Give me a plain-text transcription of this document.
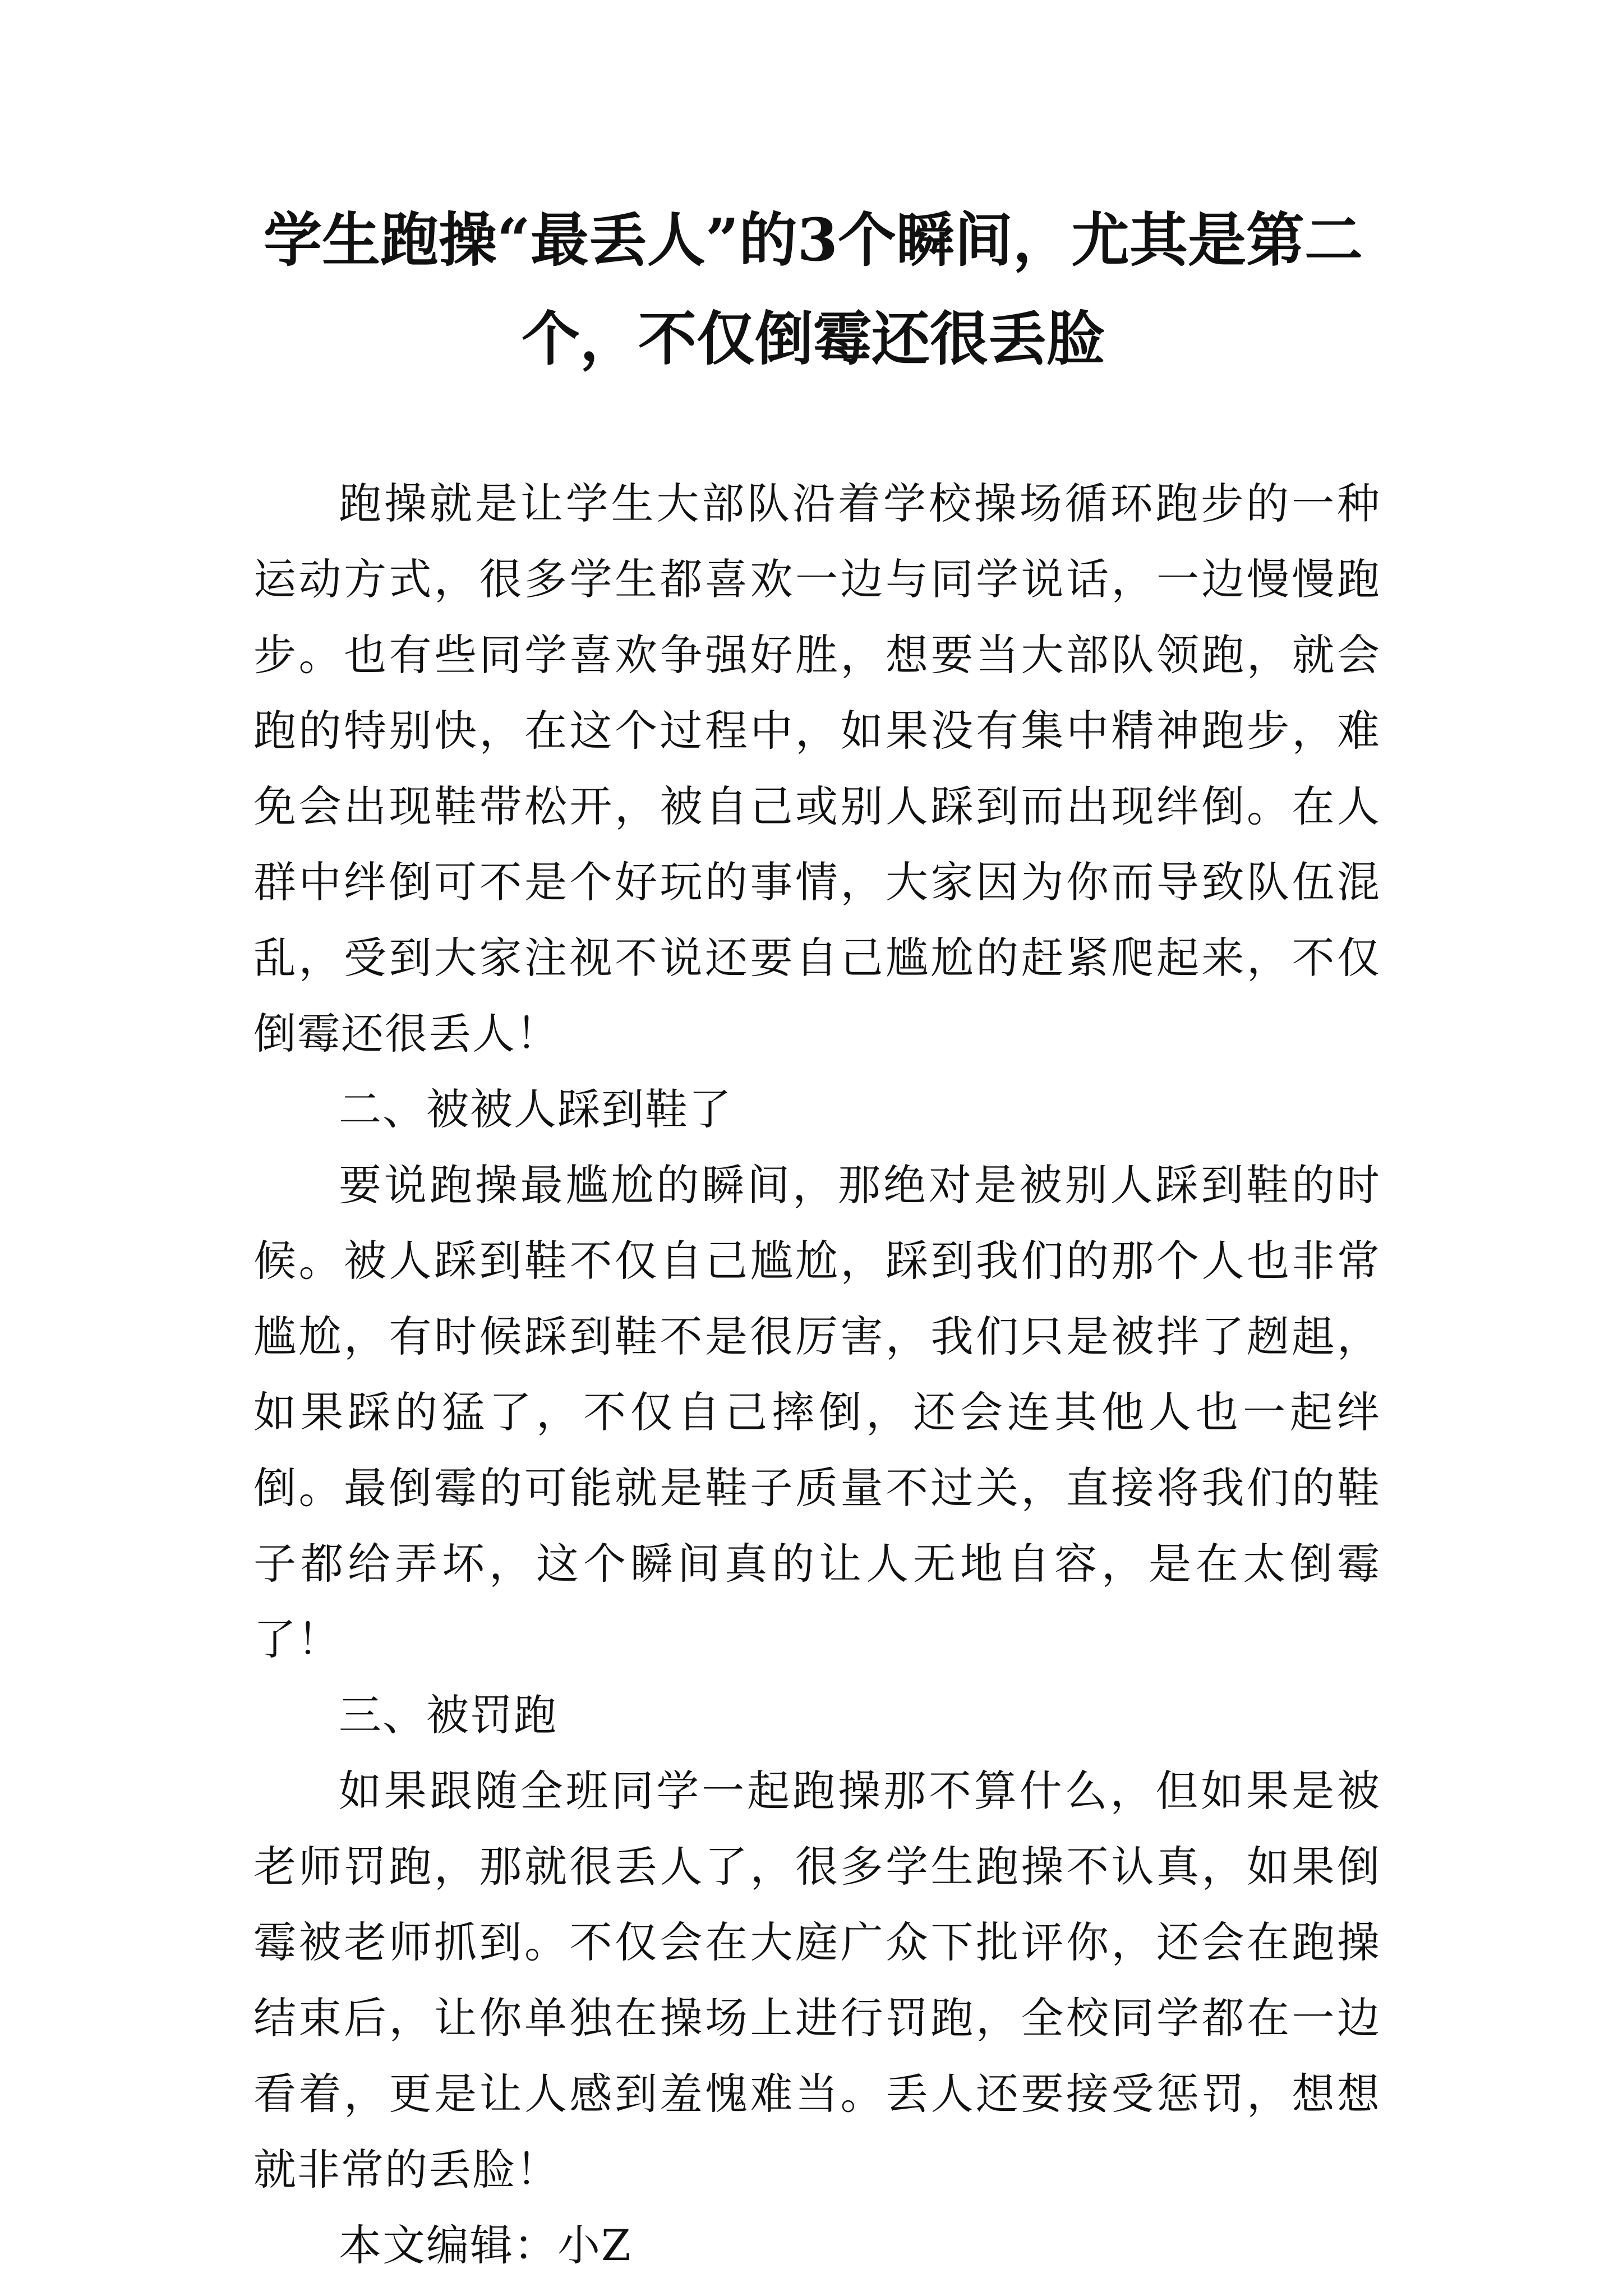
学生跑操“最丢人”的3个瞬间，尤其是第二个，不仅倒霉还很丢脸

跑操就是让学生大部队沿着学校操场循环跑步的一种运动方式，很多学生都喜欢一边与同学说话，一边慢慢跑步。也有些同学喜欢争强好胜，想要当大部队领跑，就会跑的特别快，在这个过程中，如果没有集中精神跑步，难免会出现鞋带松开，被自己或别人踩到而出现绊倒。在人群中绊倒可不是个好玩的事情，大家因为你而导致队伍混乱，受到大家注视不说还要自己尴尬的赶紧爬起来，不仅倒霉还很丢人！

二、被被人踩到鞋了

要说跑操最尴尬的瞬间，那绝对是被别人踩到鞋的时候。被人踩到鞋不仅自己尴尬，踩到我们的那个人也非常尴尬，有时候踩到鞋不是很厉害，我们只是被拌了趔趄，如果踩的猛了，不仅自己摔倒，还会连其他人也一起绊倒。最倒霉的可能就是鞋子质量不过关，直接将我们的鞋子都给弄坏，这个瞬间真的让人无地自容，是在太倒霉了！

三、被罚跑

如果跟随全班同学一起跑操那不算什么，但如果是被老师罚跑，那就很丢人了，很多学生跑操不认真，如果倒霉被老师抓到。不仅会在大庭广众下批评你，还会在跑操结束后，让你单独在操场上进行罚跑，全校同学都在一边看着，更是让人感到羞愧难当。丢人还要接受惩罚，想想就非常的丢脸！

本文编辑：小Z
